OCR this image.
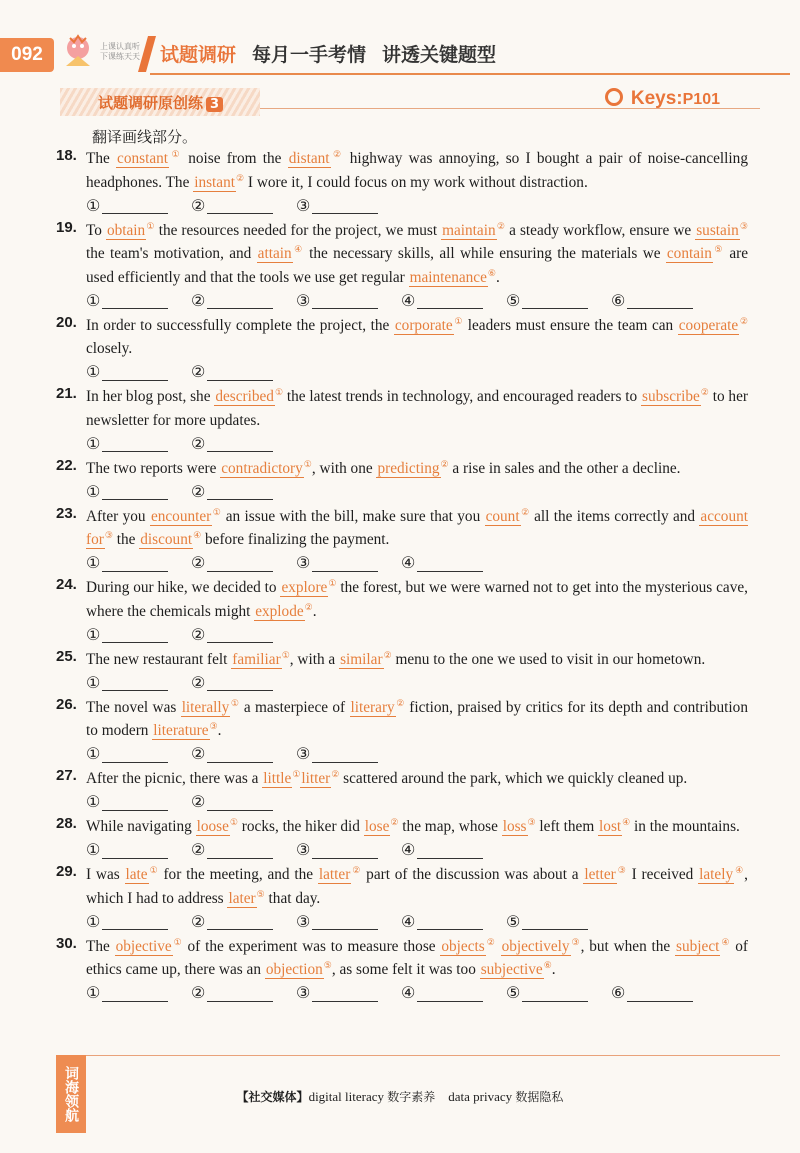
092	上课认真听
下课练天天 试题调研 每月一手考情 讲透关键题型
试题调研原创练 3	Keys:P101
翻译画线部分。
18. The constant① noise from the distant② highway was annoying, so I bought a pair of noise-cancelling headphones. The instant② I wore it, I could focus on my work without distraction.
①	②	③
19. To obtain① the resources needed for the project, we must maintain② a steady workflow, ensure we sustain③ the team's motivation, and attain④ the necessary skills, all while ensuring the materials we contain⑤ are used efficiently and that the tools we use get regular maintenance⑥.
①	②	③	④	⑤	⑥
20. In order to successfully complete the project, the corporate① leaders must ensure the team can cooperate② closely.
①	②
21. In her blog post, she described① the latest trends in technology, and encouraged readers to subscribe② to her newsletter for more updates.
①	②
22. The two reports were contradictory①, with one predicting② a rise in sales and the other a decline.
①	②
23. After you encounter① an issue with the bill, make sure that you count② all the items correctly and account for③ the discount④ before finalizing the payment.
①	②	③	④
24. During our hike, we decided to explore① the forest, but we were warned not to get into the mysterious cave, where the chemicals might explode②.
①	②
25. The new restaurant felt familiar①, with a similar② menu to the one we used to visit in our hometown.
①	②
26. The novel was literally① a masterpiece of literary② fiction, praised by critics for its depth and contribution to modern literature③.
①	②	③
27. After the picnic, there was a little①litter② scattered around the park, which we quickly cleaned up.
①	②
28. While navigating loose① rocks, the hiker did lose② the map, whose loss③ left them lost④ in the mountains.
①	②	③	④
29. I was late① for the meeting, and the latter② part of the discussion was about a letter③ I received lately④, which I had to address later⑤ that day.
①	②	③	④	⑤
30. The objective① of the experiment was to measure those objects② objectively③, but when the subject④ of ethics came up, there was an objection⑤, as some felt it was too subjective⑥.
①	②	③	④	⑤	⑥
词海领航	【社交媒体】digital literacy 数字素养 data privacy 数据隐私
